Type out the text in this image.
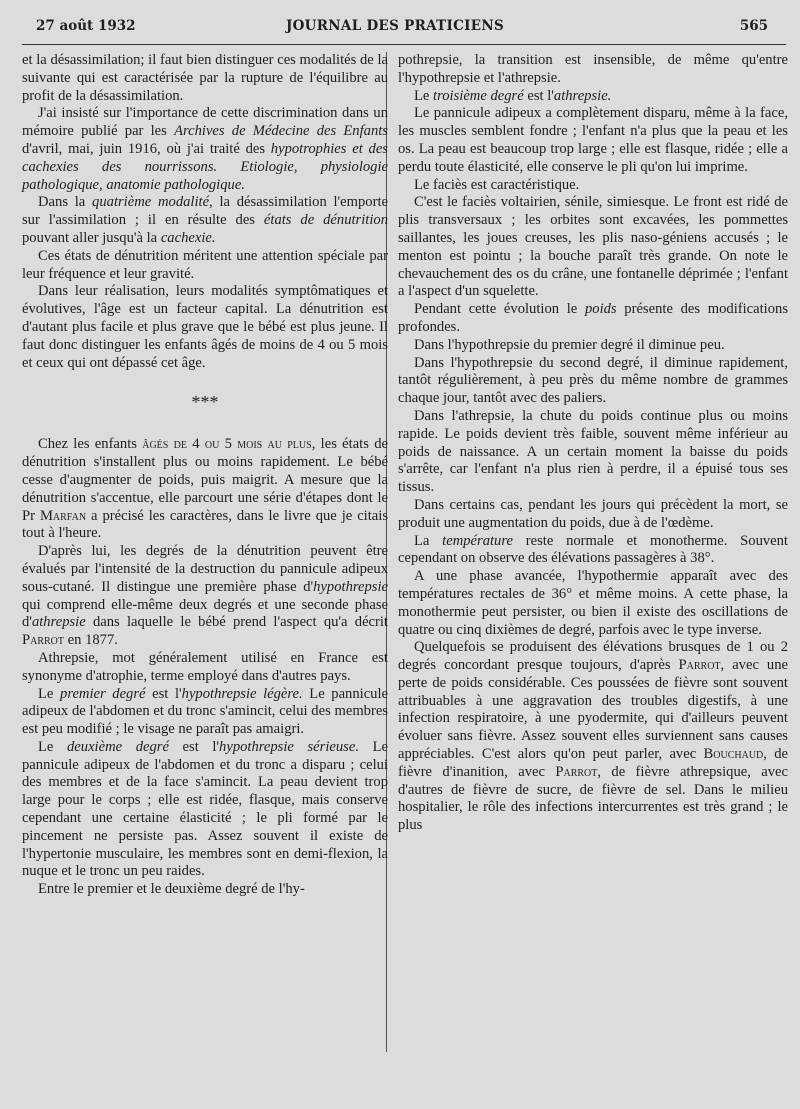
27 août 1932	JOURNAL DES PRATICIENS	565

et la désassimilation; il faut bien distinguer ces modalités de la suivante qui est caractérisée par la rupture de l'équilibre au profit de la désassimilation.

J'ai insisté sur l'importance de cette discrimination dans un mémoire publié par les Archives de Médecine des Enfants d'avril, mai, juin 1916, où j'ai traité des hypotrophies et des cachexies des nourrissons. Etiologie, physiologie pathologique, anatomie pathologique.

Dans la quatrième modalité, la désassimilation l'emporte sur l'assimilation ; il en résulte des états de dénutrition pouvant aller jusqu'à la cachexie.

Ces états de dénutrition méritent une attention spéciale par leur fréquence et leur gravité.

Dans leur réalisation, leurs modalités symptômatiques et évolutives, l'âge est un facteur capital. La dénutrition est d'autant plus facile et plus grave que le bébé est plus jeune. Il faut donc distinguer les enfants âgés de moins de 4 ou 5 mois et ceux qui ont dépassé cet âge.

***

Chez les enfants âgés de 4 ou 5 mois au plus, les états de dénutrition s'installent plus ou moins rapidement. Le bébé cesse d'augmenter de poids, puis maigrit. A mesure que la dénutrition s'accentue, elle parcourt une série d'étapes dont le Pr Marfan a précisé les caractères, dans le livre que je citais tout à l'heure.

D'après lui, les degrés de la dénutrition peuvent être évalués par l'intensité de la destruction du pannicule adipeux sous-cutané. Il distingue une première phase d'hypothrepsie qui comprend elle-même deux degrés et une seconde phase d'athrepsie dans laquelle le bébé prend l'aspect qu'a décrit Parrot en 1877.

Athrepsie, mot généralement utilisé en France est synonyme d'atrophie, terme employé dans d'autres pays.

Le premier degré est l'hypothrepsie légère. Le pannicule adipeux de l'abdomen et du tronc s'amincit, celui des membres est peu modifié ; le visage ne paraît pas amaigri.

Le deuxième degré est l'hypothrepsie sérieuse. Le pannicule adipeux de l'abdomen et du tronc a disparu ; celui des membres et de la face s'amincit. La peau devient trop large pour le corps ; elle est ridée, flasque, mais conserve cependant une certaine élasticité ; le pli formé par le pincement ne persiste pas. Assez souvent il existe de l'hypertonie musculaire, les membres sont en demi-flexion, la nuque et le tronc un peu raides.

Entre le premier et le deuxième degré de l'hy-

pothrepsie, la transition est insensible, de même qu'entre l'hypothrepsie et l'athrepsie.

Le troisième degré est l'athrepsie.

Le pannicule adipeux a complètement disparu, même à la face, les muscles semblent fondre ; l'enfant n'a plus que la peau et les os. La peau est beaucoup trop large ; elle est flasque, ridée ; elle a perdu toute élasticité, elle conserve le pli qu'on lui imprime.

Le faciès est caractéristique.

C'est le faciès voltairien, sénile, simiesque. Le front est ridé de plis transversaux ; les orbites sont excavées, les pommettes saillantes, les joues creuses, les plis naso-géniens accusés ; le menton est pointu ; la bouche paraît très grande. On note le chevauchement des os du crâne, une fontanelle déprimée ; l'enfant a l'aspect d'un squelette.

Pendant cette évolution le poids présente des modifications profondes.

Dans l'hypothrepsie du premier degré il diminue peu.

Dans l'hypothrepsie du second degré, il diminue rapidement, tantôt régulièrement, à peu près du même nombre de grammes chaque jour, tantôt avec des paliers.

Dans l'athrepsie, la chute du poids continue plus ou moins rapide. Le poids devient très faible, souvent même inférieur au poids de naissance. A un certain moment la baisse du poids s'arrête, car l'enfant n'a plus rien à perdre, il a épuisé tous ses tissus.

Dans certains cas, pendant les jours qui précèdent la mort, se produit une augmentation du poids, due à de l'œdème.

La température reste normale et monotherme. Souvent cependant on observe des élévations passagères à 38°.

A une phase avancée, l'hypothermie apparaît avec des températures rectales de 36° et même moins. A cette phase, la monothermie peut persister, ou bien il existe des oscillations de quatre ou cinq dixièmes de degré, parfois avec le type inverse.

Quelquefois se produisent des élévations brusques de 1 ou 2 degrés concordant presque toujours, d'après Parrot, avec une perte de poids considérable. Ces poussées de fièvre sont souvent attribuables à une aggravation des troubles digestifs, à une infection respiratoire, à une pyodermite, qui d'ailleurs peuvent évoluer sans fièvre. Assez souvent elles surviennent sans causes appréciables. C'est alors qu'on peut parler, avec Bouchaud, de fièvre d'inanition, avec Parrot, de fièvre athrepsique, avec d'autres de fièvre de sucre, de fièvre de sel. Dans le milieu hospitalier, le rôle des infections intercurrentes est très grand ; le plus
